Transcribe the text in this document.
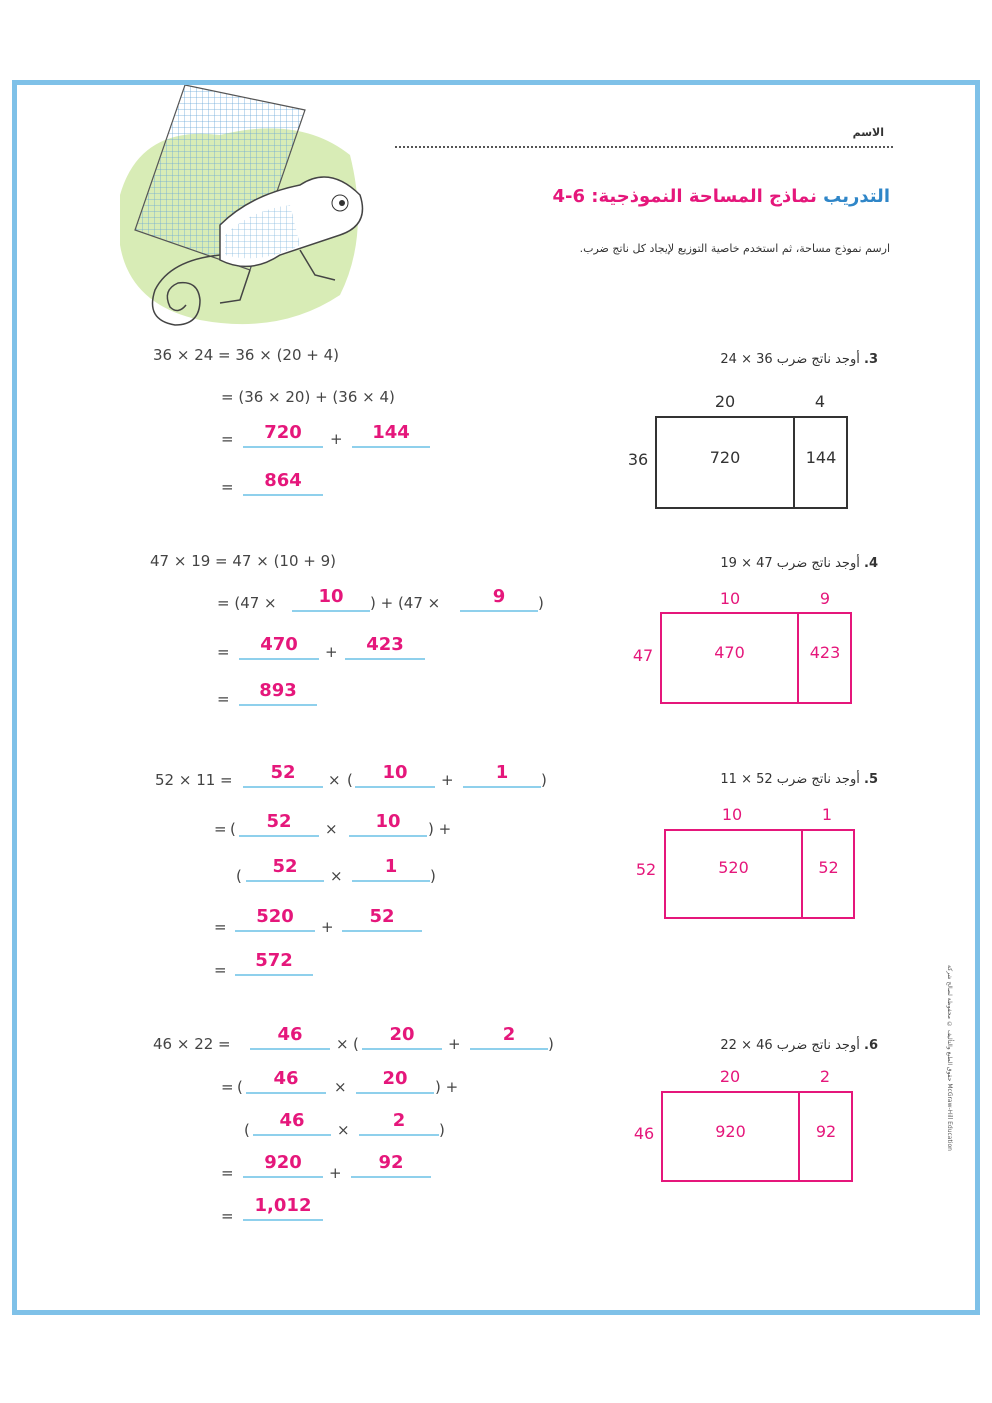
الاسم
التدريب نماذج المساحة النموذجية: 6-4
ارسم نموذج مساحة، ثم استخدم خاصية التوزيع لإيجاد كل ناتج ضرب.
3. أوجد ناتج ضرب 36 × 24
36 × 24 = 36 × (20 + 4)
= (36 × 20) + (36 × 4)
=	720	+	144
=	864
20	4
36	720	144
4. أوجد ناتج ضرب 47 × 19
47 × 19 = 47 × (10 + 9)
= (47 ×	10	) + (47 ×	9	)
=	470	+	423
=	893
10	9
47	470	423
5. أوجد ناتج ضرب 52 × 11
52 × 11 =	52	× (	10	+	1	)
= (	52	×	10	) +
(	52	×	1	)
=	520	+	52
=	572
10	1
52	520	52
6. أوجد ناتج ضرب 46 × 22
46 × 22 =	46	× (	20	+	2	)
= (	46	×	20	) +
(	46	×	2	)
=	920	+	92
=	1,012
20	2
46	920	92
حقوق الطبع والتأليف © محفوظة لصالح شركة McGraw-Hill Education
